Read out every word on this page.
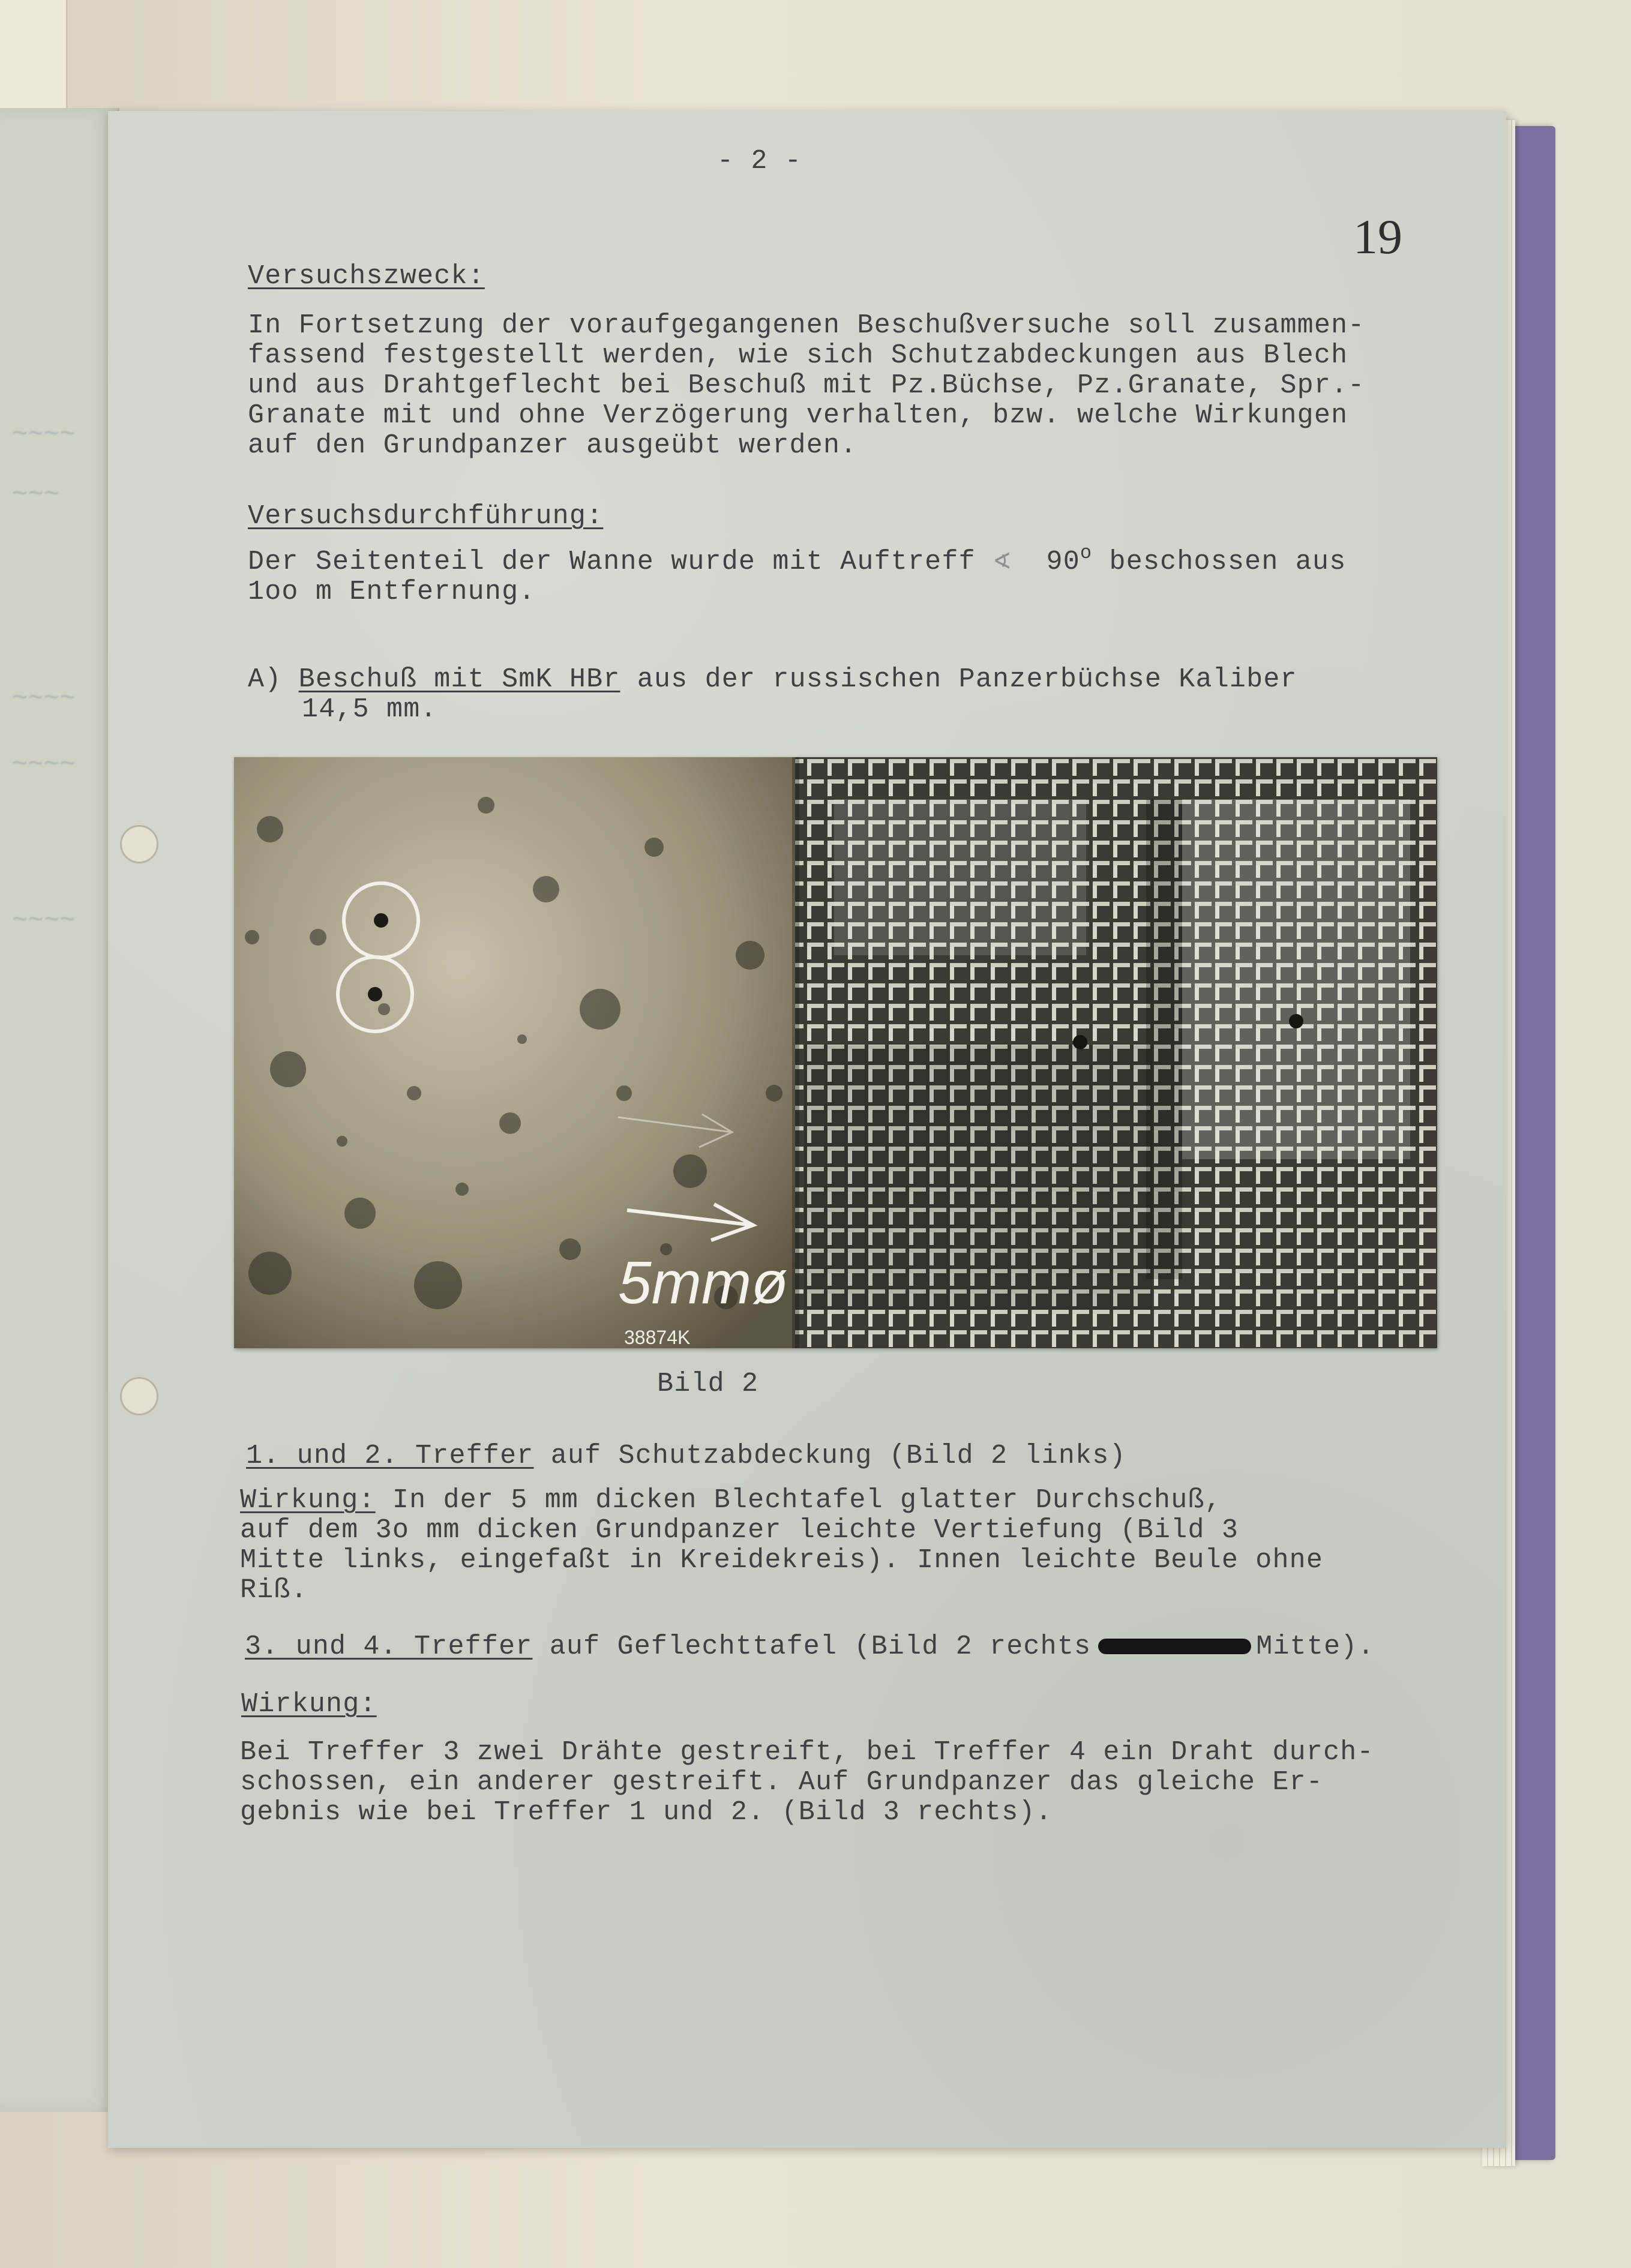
~~~~
~~~
~~~~
~~~~
~~~~
- 2 -
19
Versuchszweck:
In Fortsetzung der voraufgegangenen Beschußversuche soll zusammen-
fassend festgestellt werden, wie sich Schutzabdeckungen aus Blech
und aus Drahtgeflecht bei Beschuß mit Pz.Büchse, Pz.Granate, Spr.-
Granate mit und ohne Verzögerung verhalten, bzw. welche Wirkungen
auf den Grundpanzer ausgeübt werden.
Versuchsdurchführung:
Der Seitenteil der Wanne wurde mit Auftreff ∢ 90$^o$ beschossen aus
1oo m Entfernung.
A) Beschuß mit SmK HBr aus der russischen Panzerbüchse Kaliber
14,5 mm.
5mmø
38874K
Bild 2
1. und 2. Treffer auf Schutzabdeckung (Bild 2 links)
Wirkung: In der 5 mm dicken Blechtafel glatter Durchschuß,
auf dem 3o mm dicken Grundpanzer leichte Vertiefung (Bild 3
Mitte links, eingefaßt in Kreidekreis). Innen leichte Beule ohne
Riß.
3. und 4. Treffer auf Geflechttafel (Bild 2 rechts	Mitte).
Wirkung:
Bei Treffer 3 zwei Drähte gestreift, bei Treffer 4 ein Draht durch-
schossen, ein anderer gestreift. Auf Grundpanzer das gleiche Er-
gebnis wie bei Treffer 1 und 2. (Bild 3 rechts).
